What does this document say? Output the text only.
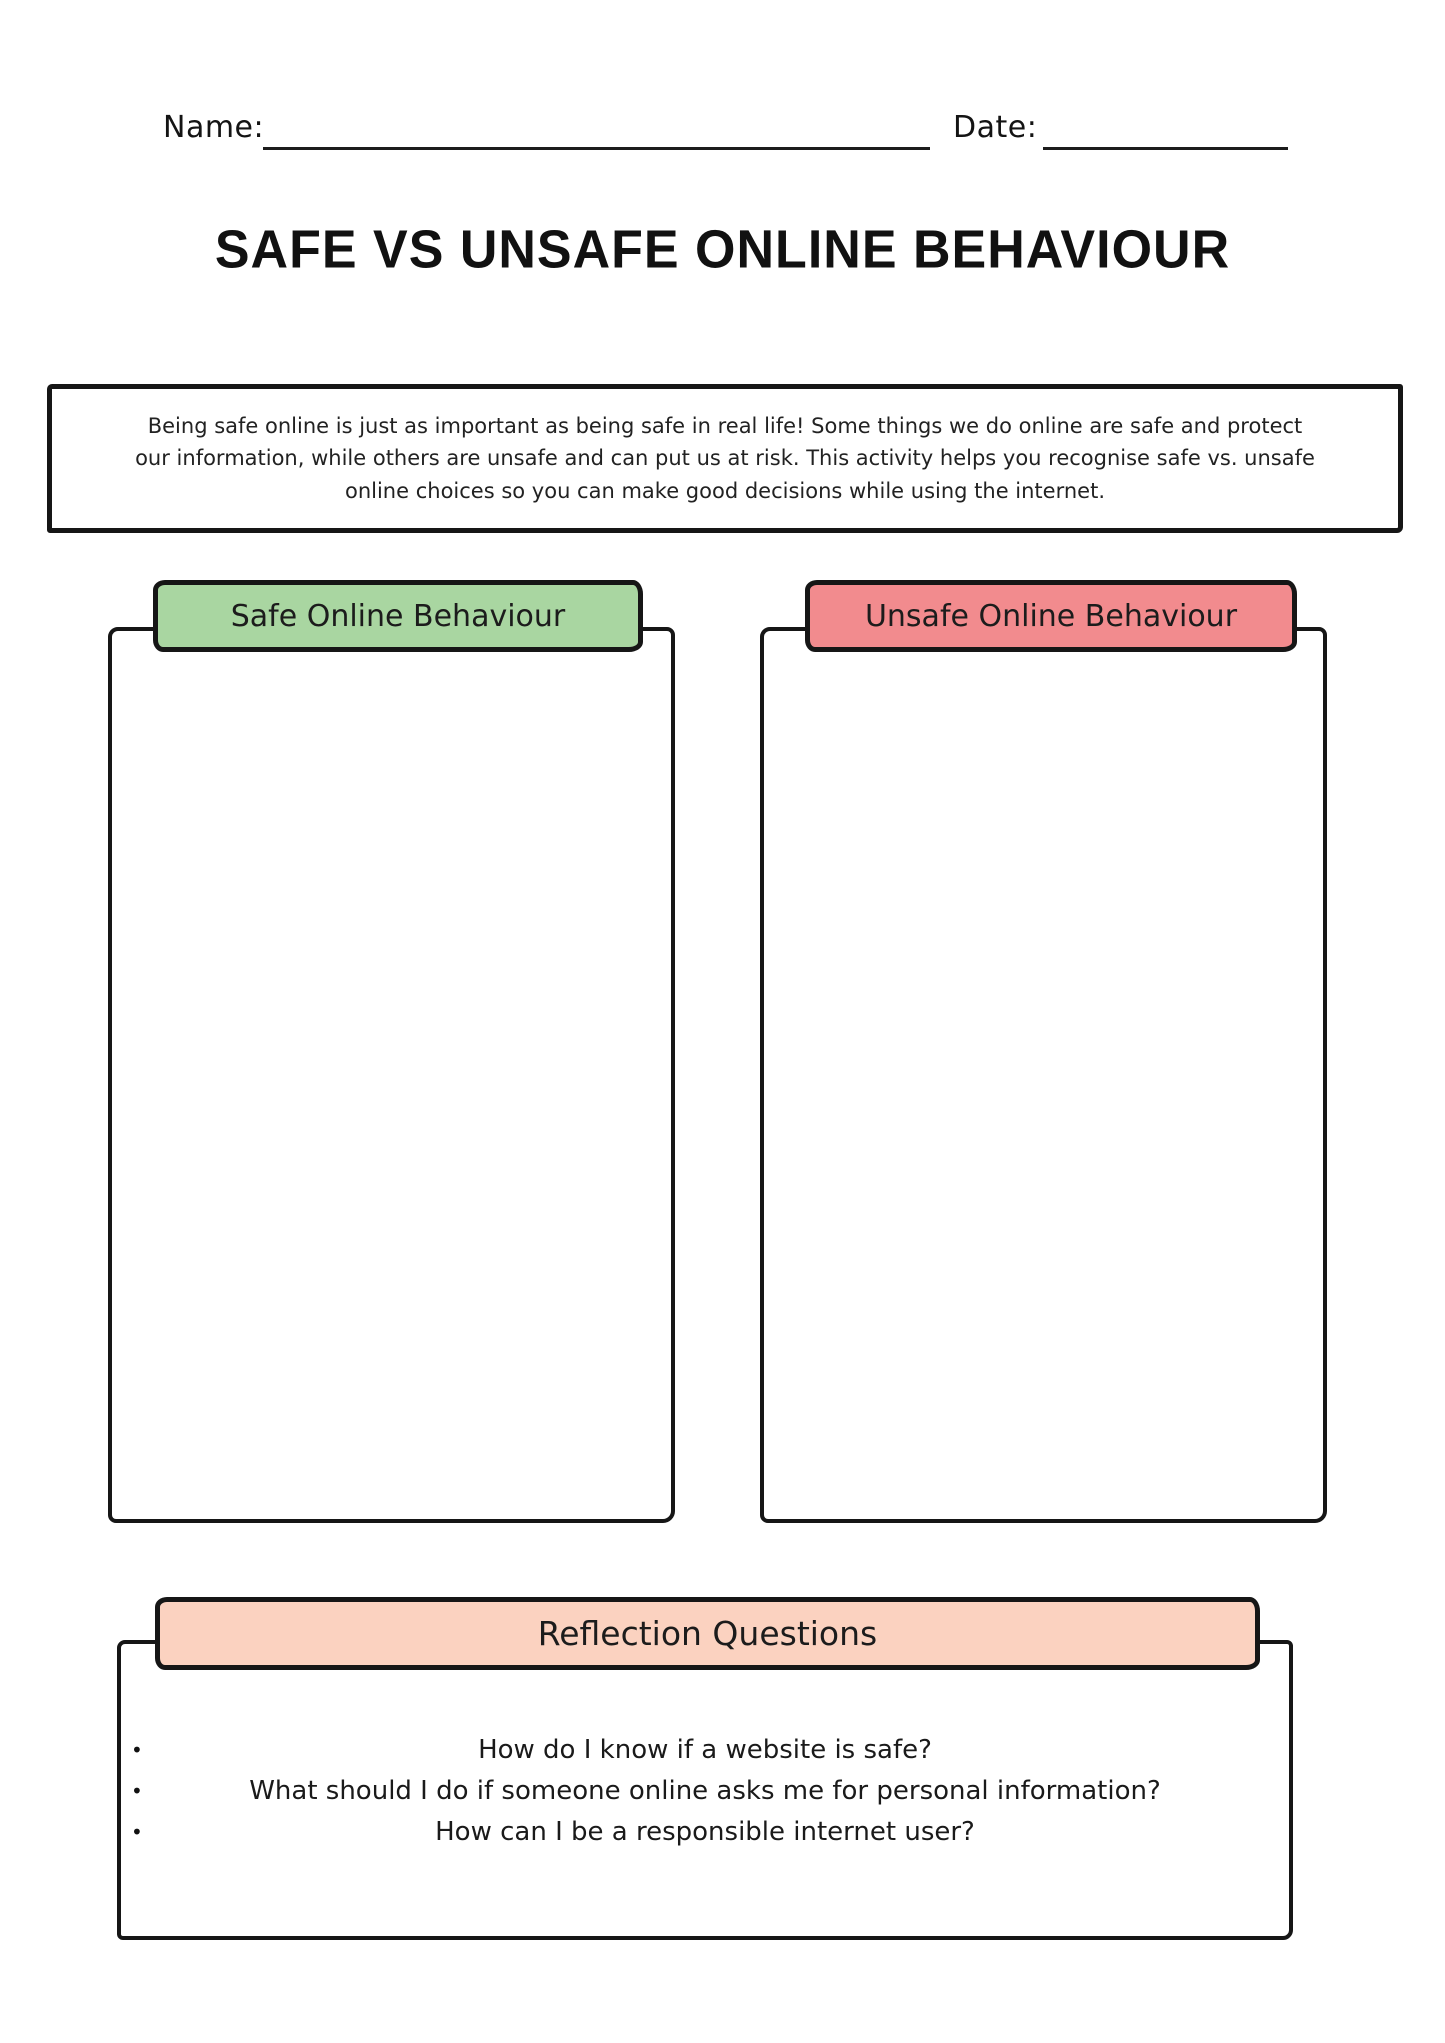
Name:	Date:
SAFE VS UNSAFE ONLINE BEHAVIOUR
Being safe online is just as important as being safe in real life! Some things we do online are safe and protect our information, while others are unsafe and can put us at risk. This activity helps you recognise safe vs. unsafe online choices so you can make good decisions while using the internet.
Safe Online Behaviour	Unsafe Online Behaviour
Reflection Questions
•	How do I know if a website is safe?
•	What should I do if someone online asks me for personal information?
•	How can I be a responsible internet user?
